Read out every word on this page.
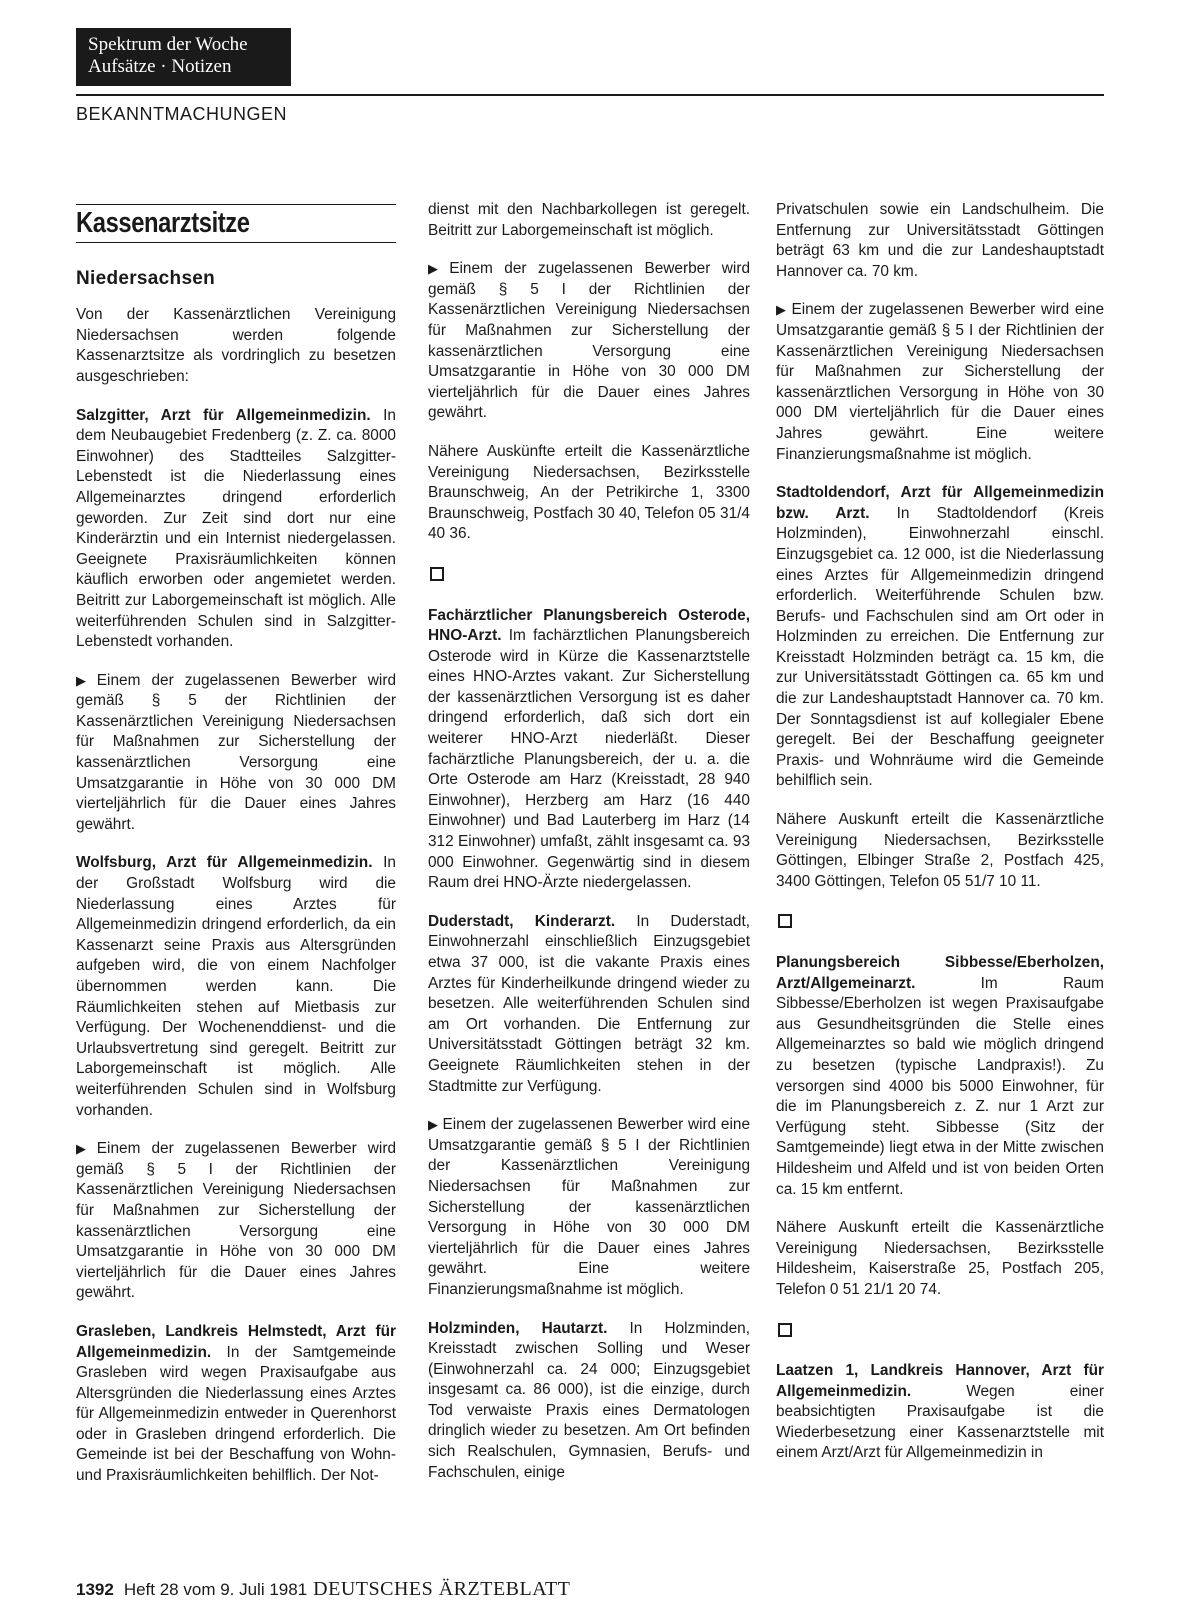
Spektrum der Woche
Aufsätze · Notizen
BEKANNTMACHUNGEN
Kassenarztsitze
Niedersachsen

Von der Kassenärztlichen Vereinigung Niedersachsen werden folgende Kassenarztsitze als vordringlich zu besetzen ausgeschrieben:

Salzgitter, Arzt für Allgemeinmedizin. In dem Neubaugebiet Fredenberg (z. Z. ca. 8000 Einwohner) des Stadtteiles Salzgitter-Lebenstedt ist die Niederlassung eines Allgemeinarztes dringend erforderlich geworden. Zur Zeit sind dort nur eine Kinderärztin und ein Internist niedergelassen. Geeignete Praxisräumlichkeiten können käuflich erworben oder angemietet werden. Beitritt zur Laborgemeinschaft ist möglich. Alle weiterführenden Schulen sind in Salzgitter-Lebenstedt vorhanden.

▶ Einem der zugelassenen Bewerber wird gemäß § 5 der Richtlinien der Kassenärztlichen Vereinigung Niedersachsen für Maßnahmen zur Sicherstellung der kassenärztlichen Versorgung eine Umsatzgarantie in Höhe von 30 000 DM vierteljährlich für die Dauer eines Jahres gewährt.

Wolfsburg, Arzt für Allgemeinmedizin. In der Großstadt Wolfsburg wird die Niederlassung eines Arztes für Allgemeinmedizin dringend erforderlich, da ein Kassenarzt seine Praxis aus Altersgründen aufgeben wird, die von einem Nachfolger übernommen werden kann. Die Räumlichkeiten stehen auf Mietbasis zur Verfügung. Der Wochenenddienst- und die Urlaubsvertretung sind geregelt. Beitritt zur Laborgemeinschaft ist möglich. Alle weiterführenden Schulen sind in Wolfsburg vorhanden.

▶ Einem der zugelassenen Bewerber wird gemäß § 5 I der Richtlinien der Kassenärztlichen Vereinigung Niedersachsen für Maßnahmen zur Sicherstellung der kassenärztlichen Versorgung eine Umsatzgarantie in Höhe von 30 000 DM vierteljährlich für die Dauer eines Jahres gewährt.

Grasleben, Landkreis Helmstedt, Arzt für Allgemeinmedizin. In der Samtgemeinde Grasleben wird wegen Praxisaufgabe aus Altersgründen die Niederlassung eines Arztes für Allgemeinmedizin entweder in Querenhorst oder in Grasleben dringend erforderlich. Die Gemeinde ist bei der Beschaffung von Wohn- und Praxisräumlichkeiten behilflich. Der Not-

dienst mit den Nachbarkollegen ist geregelt. Beitritt zur Laborgemeinschaft ist möglich.

▶ Einem der zugelassenen Bewerber wird gemäß § 5 I der Richtlinien der Kassenärztlichen Vereinigung Niedersachsen für Maßnahmen zur Sicherstellung der kassenärztlichen Versorgung eine Umsatzgarantie in Höhe von 30 000 DM vierteljährlich für die Dauer eines Jahres gewährt.

Nähere Auskünfte erteilt die Kassenärztliche Vereinigung Niedersachsen, Bezirksstelle Braunschweig, An der Petrikirche 1, 3300 Braunschweig, Postfach 30 40, Telefon 05 31/4 40 36.

Fachärztlicher Planungsbereich Osterode, HNO-Arzt. Im fachärztlichen Planungsbereich Osterode wird in Kürze die Kassenarztstelle eines HNO-Arztes vakant. Zur Sicherstellung der kassenärztlichen Versorgung ist es daher dringend erforderlich, daß sich dort ein weiterer HNO-Arzt niederläßt. Dieser fachärztliche Planungsbereich, der u. a. die Orte Osterode am Harz (Kreisstadt, 28 940 Einwohner), Herzberg am Harz (16 440 Einwohner) und Bad Lauterberg im Harz (14 312 Einwohner) umfaßt, zählt insgesamt ca. 93 000 Einwohner. Gegenwärtig sind in diesem Raum drei HNO-Ärzte niedergelassen.

Duderstadt, Kinderarzt. In Duderstadt, Einwohnerzahl einschließlich Einzugsgebiet etwa 37 000, ist die vakante Praxis eines Arztes für Kinderheilkunde dringend wieder zu besetzen. Alle weiterführenden Schulen sind am Ort vorhanden. Die Entfernung zur Universitätsstadt Göttingen beträgt 32 km. Geeignete Räumlichkeiten stehen in der Stadtmitte zur Verfügung.

▶ Einem der zugelassenen Bewerber wird eine Umsatzgarantie gemäß § 5 I der Richtlinien der Kassenärztlichen Vereinigung Niedersachsen für Maßnahmen zur Sicherstellung der kassenärztlichen Versorgung in Höhe von 30 000 DM vierteljährlich für die Dauer eines Jahres gewährt. Eine weitere Finanzierungsmaßnahme ist möglich.

Holzminden, Hautarzt. In Holzminden, Kreisstadt zwischen Solling und Weser (Einwohnerzahl ca. 24 000; Einzugsgebiet insgesamt ca. 86 000), ist die einzige, durch Tod verwaiste Praxis eines Dermatologen dringlich wieder zu besetzen. Am Ort befinden sich Realschulen, Gymnasien, Berufs- und Fachschulen, einige

Privatschulen sowie ein Landschulheim. Die Entfernung zur Universitätsstadt Göttingen beträgt 63 km und die zur Landeshauptstadt Hannover ca. 70 km.

▶ Einem der zugelassenen Bewerber wird eine Umsatzgarantie gemäß § 5 I der Richtlinien der Kassenärztlichen Vereinigung Niedersachsen für Maßnahmen zur Sicherstellung der kassenärztlichen Versorgung in Höhe von 30 000 DM vierteljährlich für die Dauer eines Jahres gewährt. Eine weitere Finanzierungsmaßnahme ist möglich.

Stadtoldendorf, Arzt für Allgemeinmedizin bzw. Arzt. In Stadtoldendorf (Kreis Holzminden), Einwohnerzahl einschl. Einzugsgebiet ca. 12 000, ist die Niederlassung eines Arztes für Allgemeinmedizin dringend erforderlich. Weiterführende Schulen bzw. Berufs- und Fachschulen sind am Ort oder in Holzminden zu erreichen. Die Entfernung zur Kreisstadt Holzminden beträgt ca. 15 km, die zur Universitätsstadt Göttingen ca. 65 km und die zur Landeshauptstadt Hannover ca. 70 km. Der Sonntagsdienst ist auf kollegialer Ebene geregelt. Bei der Beschaffung geeigneter Praxis- und Wohnräume wird die Gemeinde behilflich sein.

Nähere Auskunft erteilt die Kassenärztliche Vereinigung Niedersachsen, Bezirksstelle Göttingen, Elbinger Straße 2, Postfach 425, 3400 Göttingen, Telefon 05 51/7 10 11.

Planungsbereich Sibbesse/Eberholzen, Arzt/Allgemeinarzt. Im Raum Sibbesse/Eberholzen ist wegen Praxisaufgabe aus Gesundheitsgründen die Stelle eines Allgemeinarztes so bald wie möglich dringend zu besetzen (typische Landpraxis!). Zu versorgen sind 4000 bis 5000 Einwohner, für die im Planungsbereich z. Z. nur 1 Arzt zur Verfügung steht. Sibbesse (Sitz der Samtgemeinde) liegt etwa in der Mitte zwischen Hildesheim und Alfeld und ist von beiden Orten ca. 15 km entfernt.

Nähere Auskunft erteilt die Kassenärztliche Vereinigung Niedersachsen, Bezirksstelle Hildesheim, Kaiserstraße 25, Postfach 205, Telefon 0 51 21/1 20 74.

Laatzen 1, Landkreis Hannover, Arzt für Allgemeinmedizin. Wegen einer beabsichtigten Praxisaufgabe ist die Wiederbesetzung einer Kassenarztstelle mit einem Arzt/Arzt für Allgemeinmedizin in

1392 Heft 28 vom 9. Juli 1981 DEUTSCHES ÄRZTEBLATT
